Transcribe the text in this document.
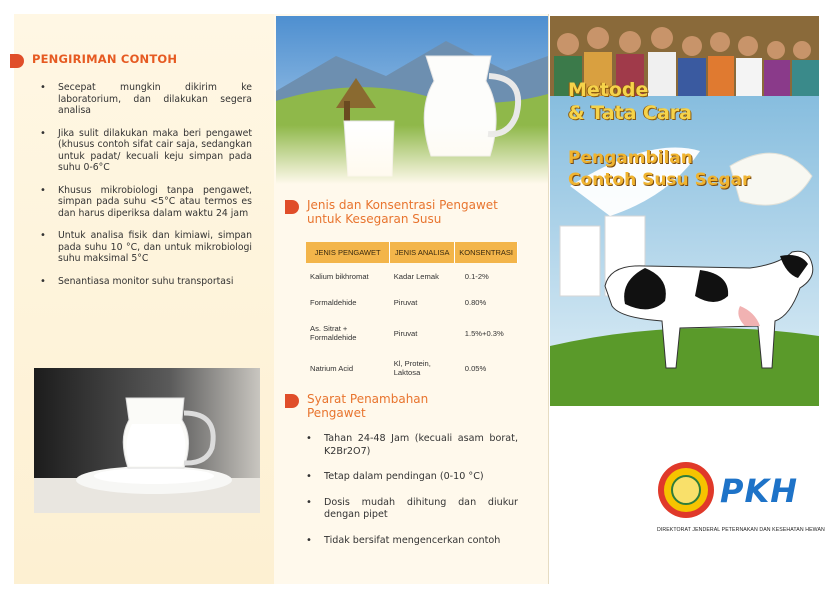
PENGIRIMAN CONTOH
• Secepat mungkin dikirim ke laboratorium, dan dilakukan segera analisa
• Jika sulit dilakukan maka beri pengawet (khusus contoh sifat cair saja, sedangkan untuk padat/ kecuali keju simpan pada suhu 0-6°C
• Khusus mikrobiologi tanpa pengawet, simpan pada suhu <5°C atau termos es dan harus diperiksa dalam waktu 24 jam
• Untuk analisa fisik dan kimiawi, simpan pada suhu 10 °C, dan untuk mikrobiologi suhu maksimal 5°C
• Senantiasa monitor suhu transportasi
Jenis dan Konsentrasi Pengawet
untuk Kesegaran Susu
JENIS PENGAWET	JENIS ANALISA	KONSENTRASI
Kalium bikhromat	Kadar Lemak	0.1-2%
Formaldehide	Piruvat	0.80%
As. Sitrat + Formaldehide	Piruvat	1.5%+0.3%
Natrium Acid	Kl, Protein, Laktosa	0.05%
Syarat Penambahan
Pengawet
• Tahan 24-48 Jam (kecuali asam borat, K2Br2O7)
• Tetap dalam pendingan (0-10 °C)
• Dosis mudah dihitung dan diukur dengan pipet
• Tidak bersifat mengencerkan contoh
Metode
& Tata Cara
Pengambilan
Contoh Susu Segar
PKH
DIREKTORAT JENDERAL PETERNAKAN DAN KESEHATAN HEWAN
